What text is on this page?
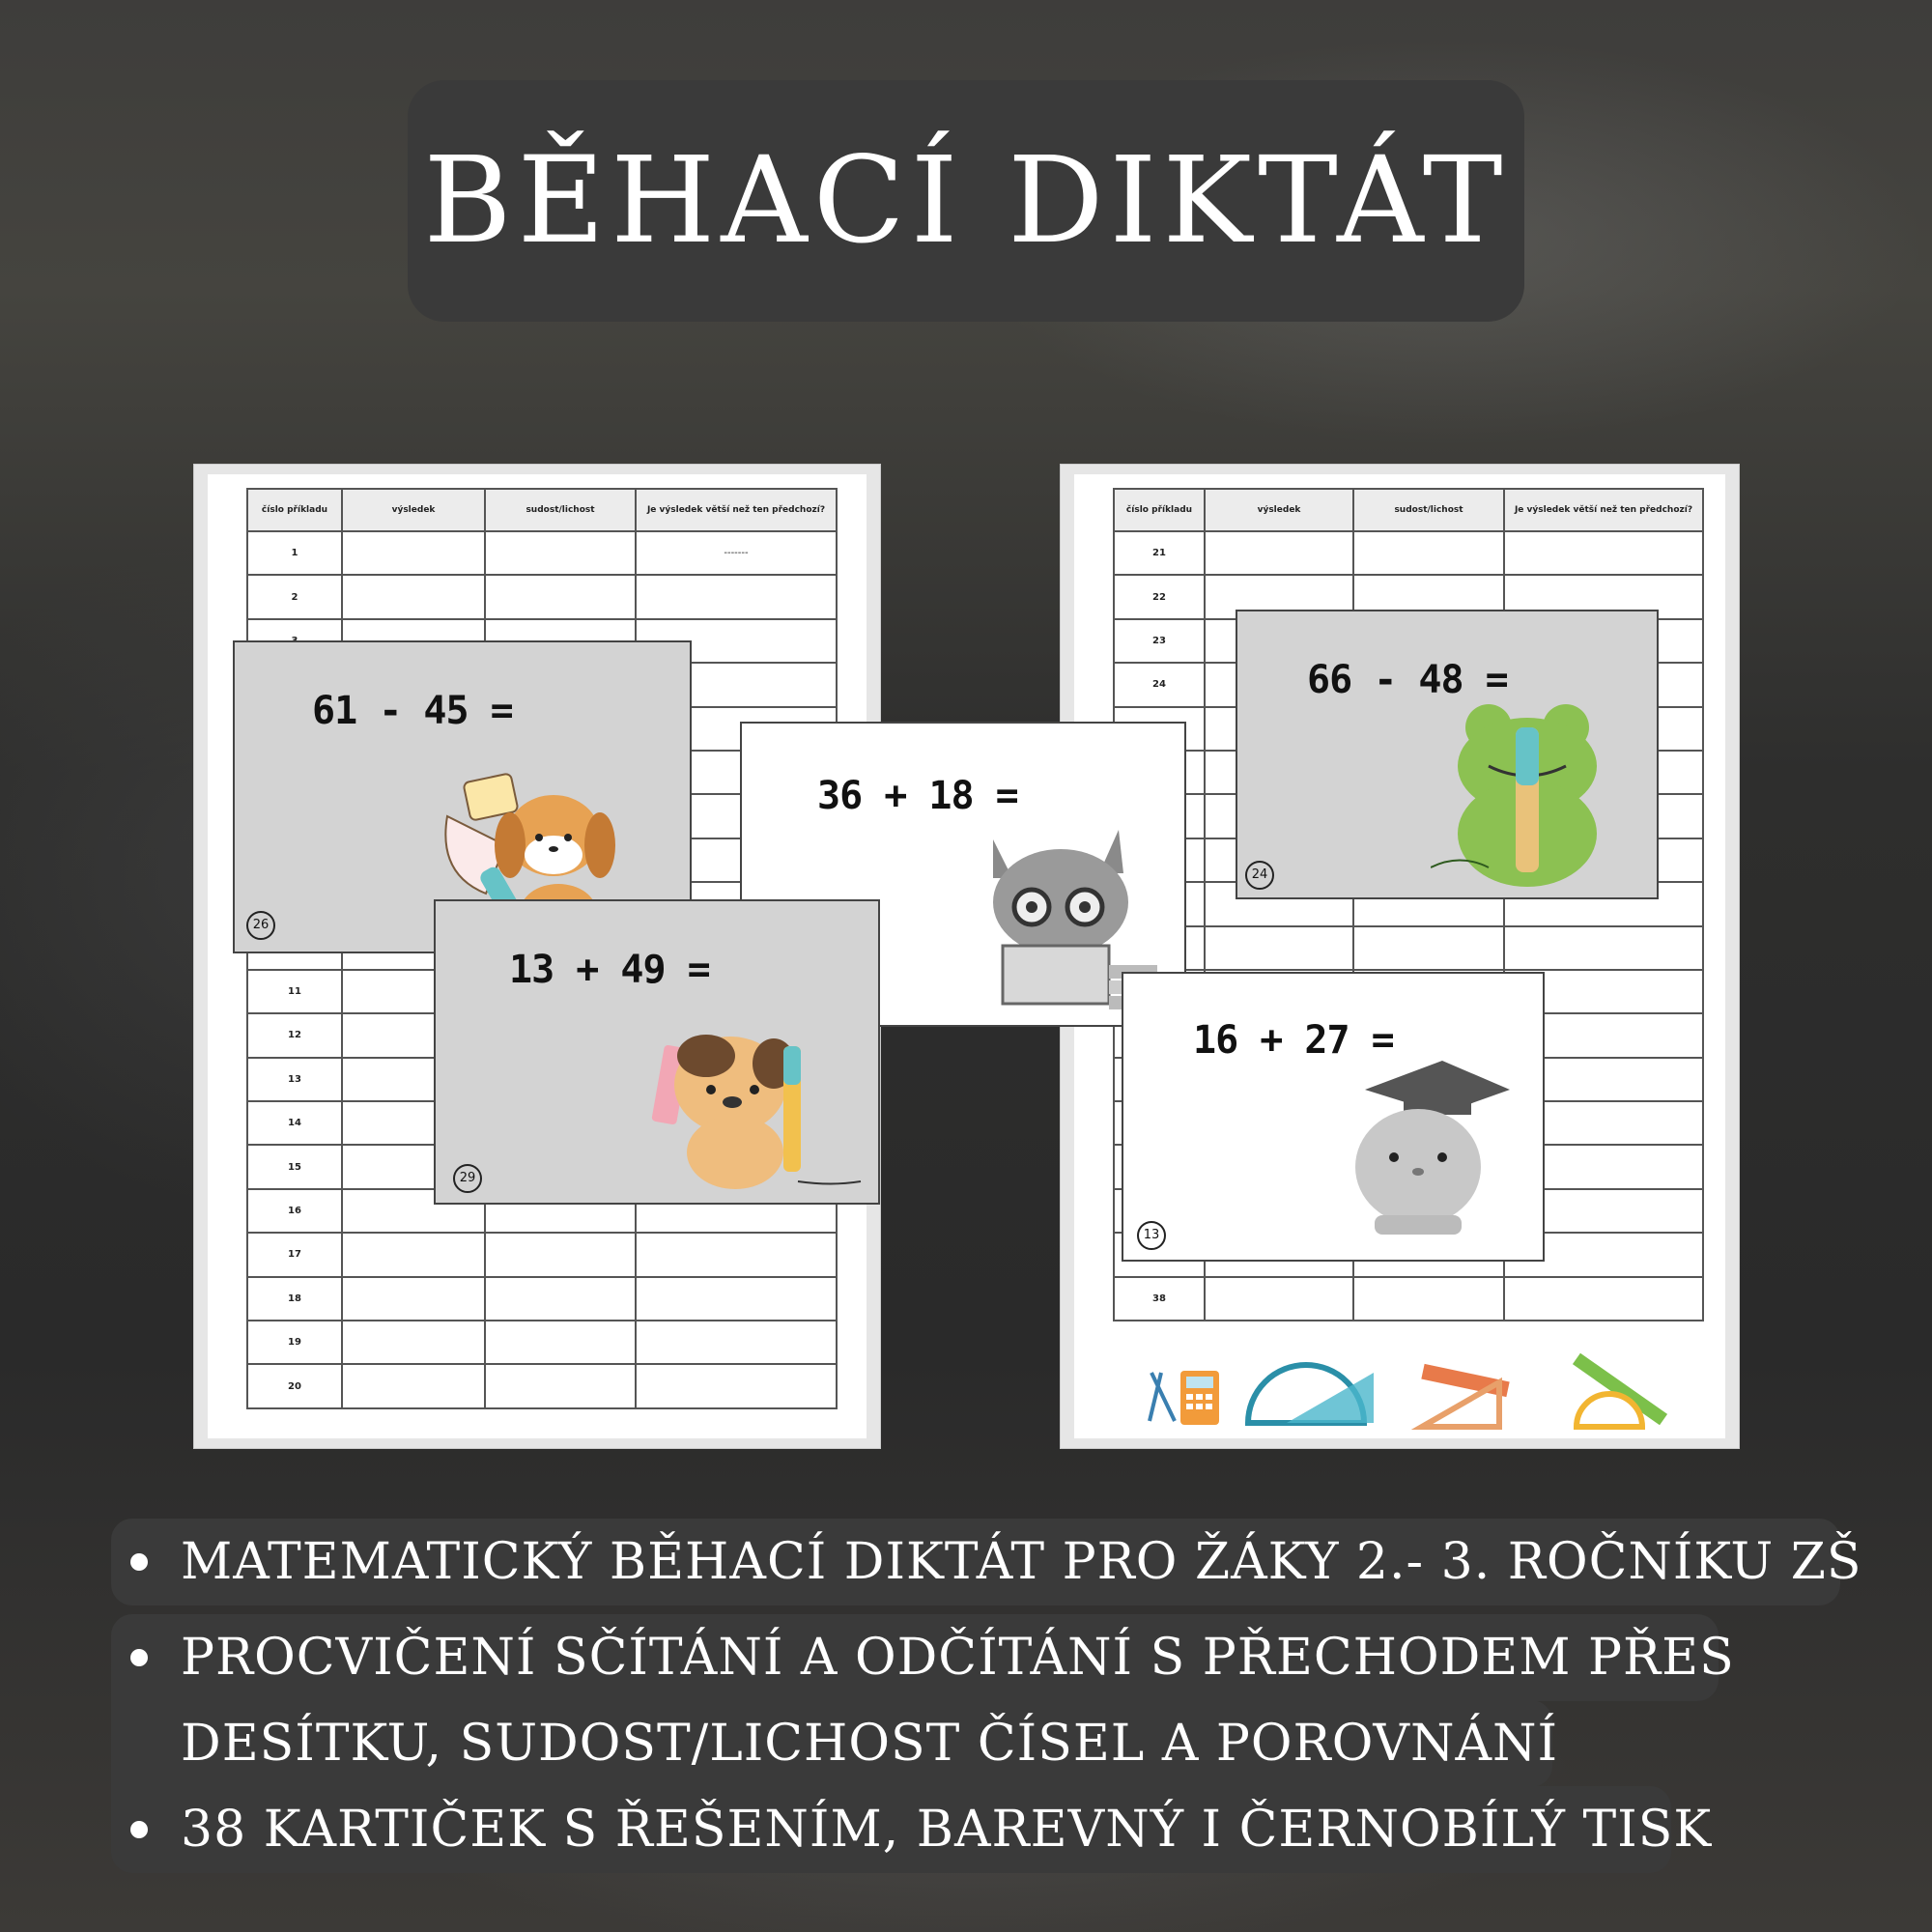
BĚHACÍ DIKTÁT
číslo příkladu	výsledek	sudost/lichost	Je výsledek větší než ten předchozí?
1			-------
2			

11			
12			
13			
14			
15			
16			
17			
18			
19			
20			
číslo příkladu	výsledek	sudost/lichost	Je výsledek větší než ten předchozí?
21			
22			
23			
24			

38			
61 - 45 =
26
36 + 18 =
13 + 49 =
29
66 - 48 =
24
16 + 27 =
13
MATEMATICKÝ BĚHACÍ DIKTÁT PRO ŽÁKY 2.- 3. ROČNÍKU ZŠ
PROCVIČENÍ SČÍTÁNÍ A ODČÍTÁNÍ S PŘECHODEM PŘES
DESÍTKU, SUDOST/LICHOST ČÍSEL A POROVNÁNÍ
38 KARTIČEK S ŘEŠENÍM, BAREVNÝ I ČERNOBÍLÝ TISK
